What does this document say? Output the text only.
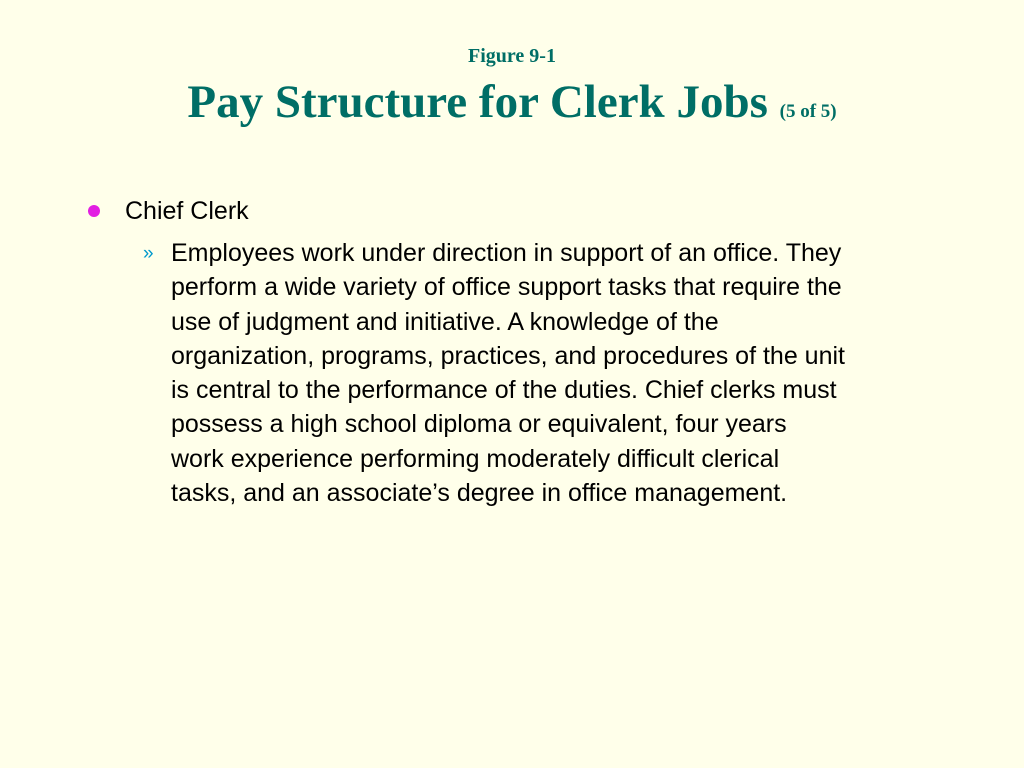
Figure 9-1
Pay Structure for Clerk Jobs (5 of 5)
Chief Clerk
» Employees work under direction in support of an office. They
perform a wide variety of office support tasks that require the
use of judgment and initiative. A knowledge of the
organization, programs, practices, and procedures of the unit
is central to the performance of the duties. Chief clerks must
possess a high school diploma or equivalent, four years
work experience performing moderately difficult clerical
tasks, and an associate’s degree in office management.
